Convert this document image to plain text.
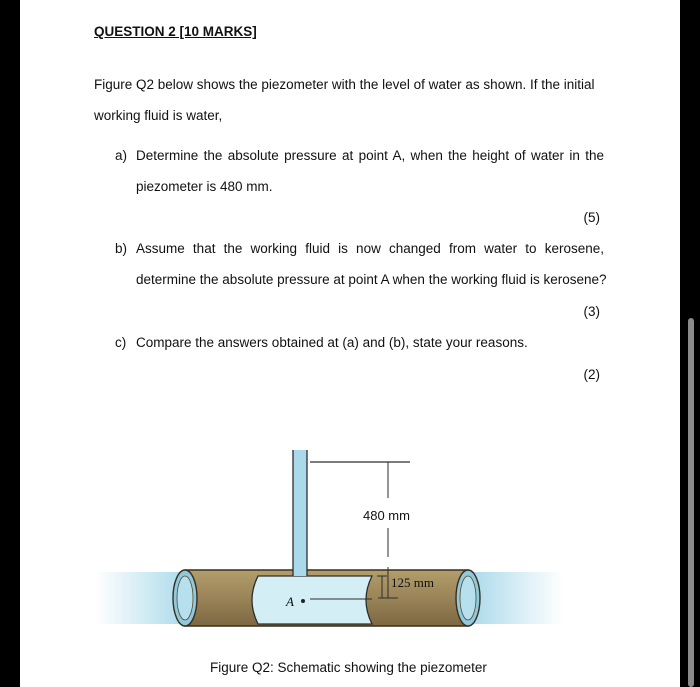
QUESTION 2 [10 MARKS]
Figure Q2 below shows the piezometer with the level of water as shown. If the initial
working fluid is water,
a) Determine the absolute pressure at point A, when the height of water in the
piezometer is 480 mm.
(5)
b) Assume that the working fluid is now changed from water to kerosene,
determine the absolute pressure at point A when the working fluid is kerosene?
(3)
c) Compare the answers obtained at (a) and (b), state your reasons.
(2)
480 mm
125 mm
A
Figure Q2: Schematic showing the piezometer
